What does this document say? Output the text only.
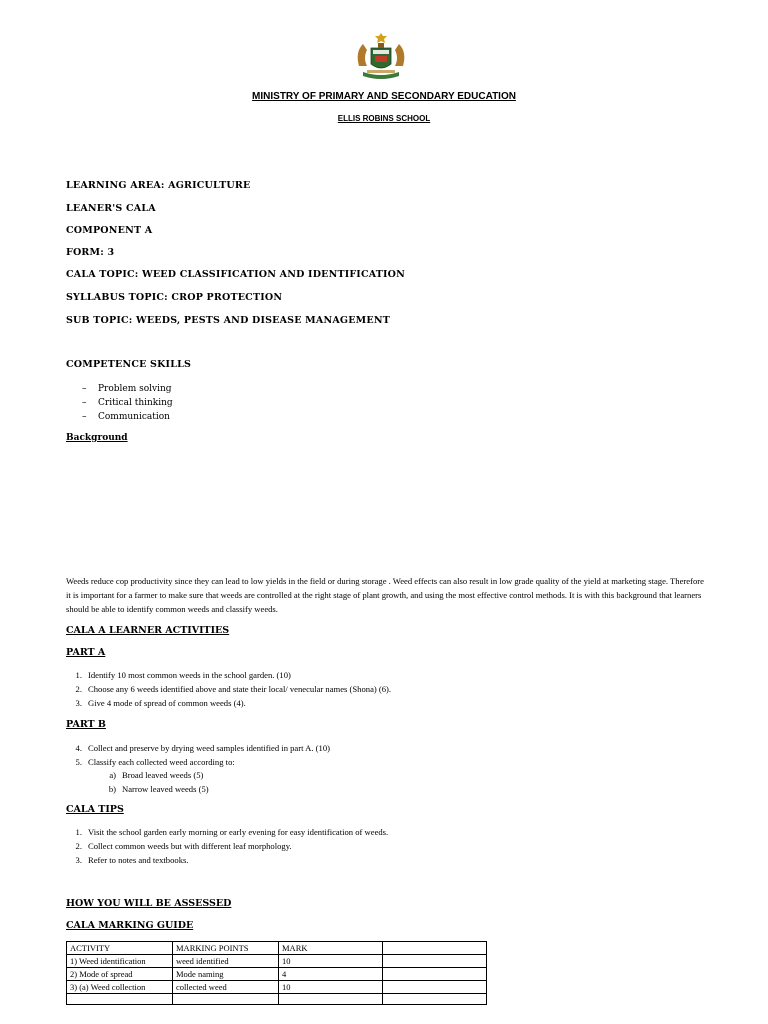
MINISTRY OF PRIMARY AND SECONDARY EDUCATION
ELLIS ROBINS SCHOOL
LEARNING AREA: AGRICULTURE
LEANER'S CALA
COMPONENT A
FORM: 3
CALA TOPIC: WEED CLASSIFICATION AND IDENTIFICATION
SYLLABUS TOPIC: CROP PROTECTION
SUB TOPIC: WEEDS, PESTS AND DISEASE MANAGEMENT
COMPETENCE SKILLS
–	Problem solving
–	Critical thinking
–	Communication
Background
Weeds reduce cop productivity since they can lead to low yields in the field or during storage . Weed effects can also result in low grade quality of the yield at marketing stage. Therefore it is important for a farmer to make sure that weeds are controlled at the right stage of plant growth, and using the most effective control methods. It is with this background that learners should be able to identify common weeds and classify weeds.
CALA A LEARNER ACTIVITIES
PART A
1. Identify 10 most common weeds in the school garden. (10)
2. Choose any 6 weeds identified above and state their local/ venecular names (Shona) (6).
3. Give 4 mode of spread of common weeds (4).
PART B
4. Collect and preserve by drying weed samples identified in part A. (10)
5. Classify each collected weed according to:
a) Broad leaved weeds (5)
b) Narrow leaved weeds (5)
CALA TIPS
1. Visit the school garden early morning or early evening for easy identification of weeds.
2. Collect common weeds but with different leaf morphology.
3. Refer to notes and textbooks.
HOW YOU WILL BE ASSESSED
CALA MARKING GUIDE
ACTIVITY	MARKING POINTS	MARK	
1) Weed identification	weed identified	10	
2) Mode of spread	Mode naming	4	
3) (a) Weed collection	collected weed	10	
